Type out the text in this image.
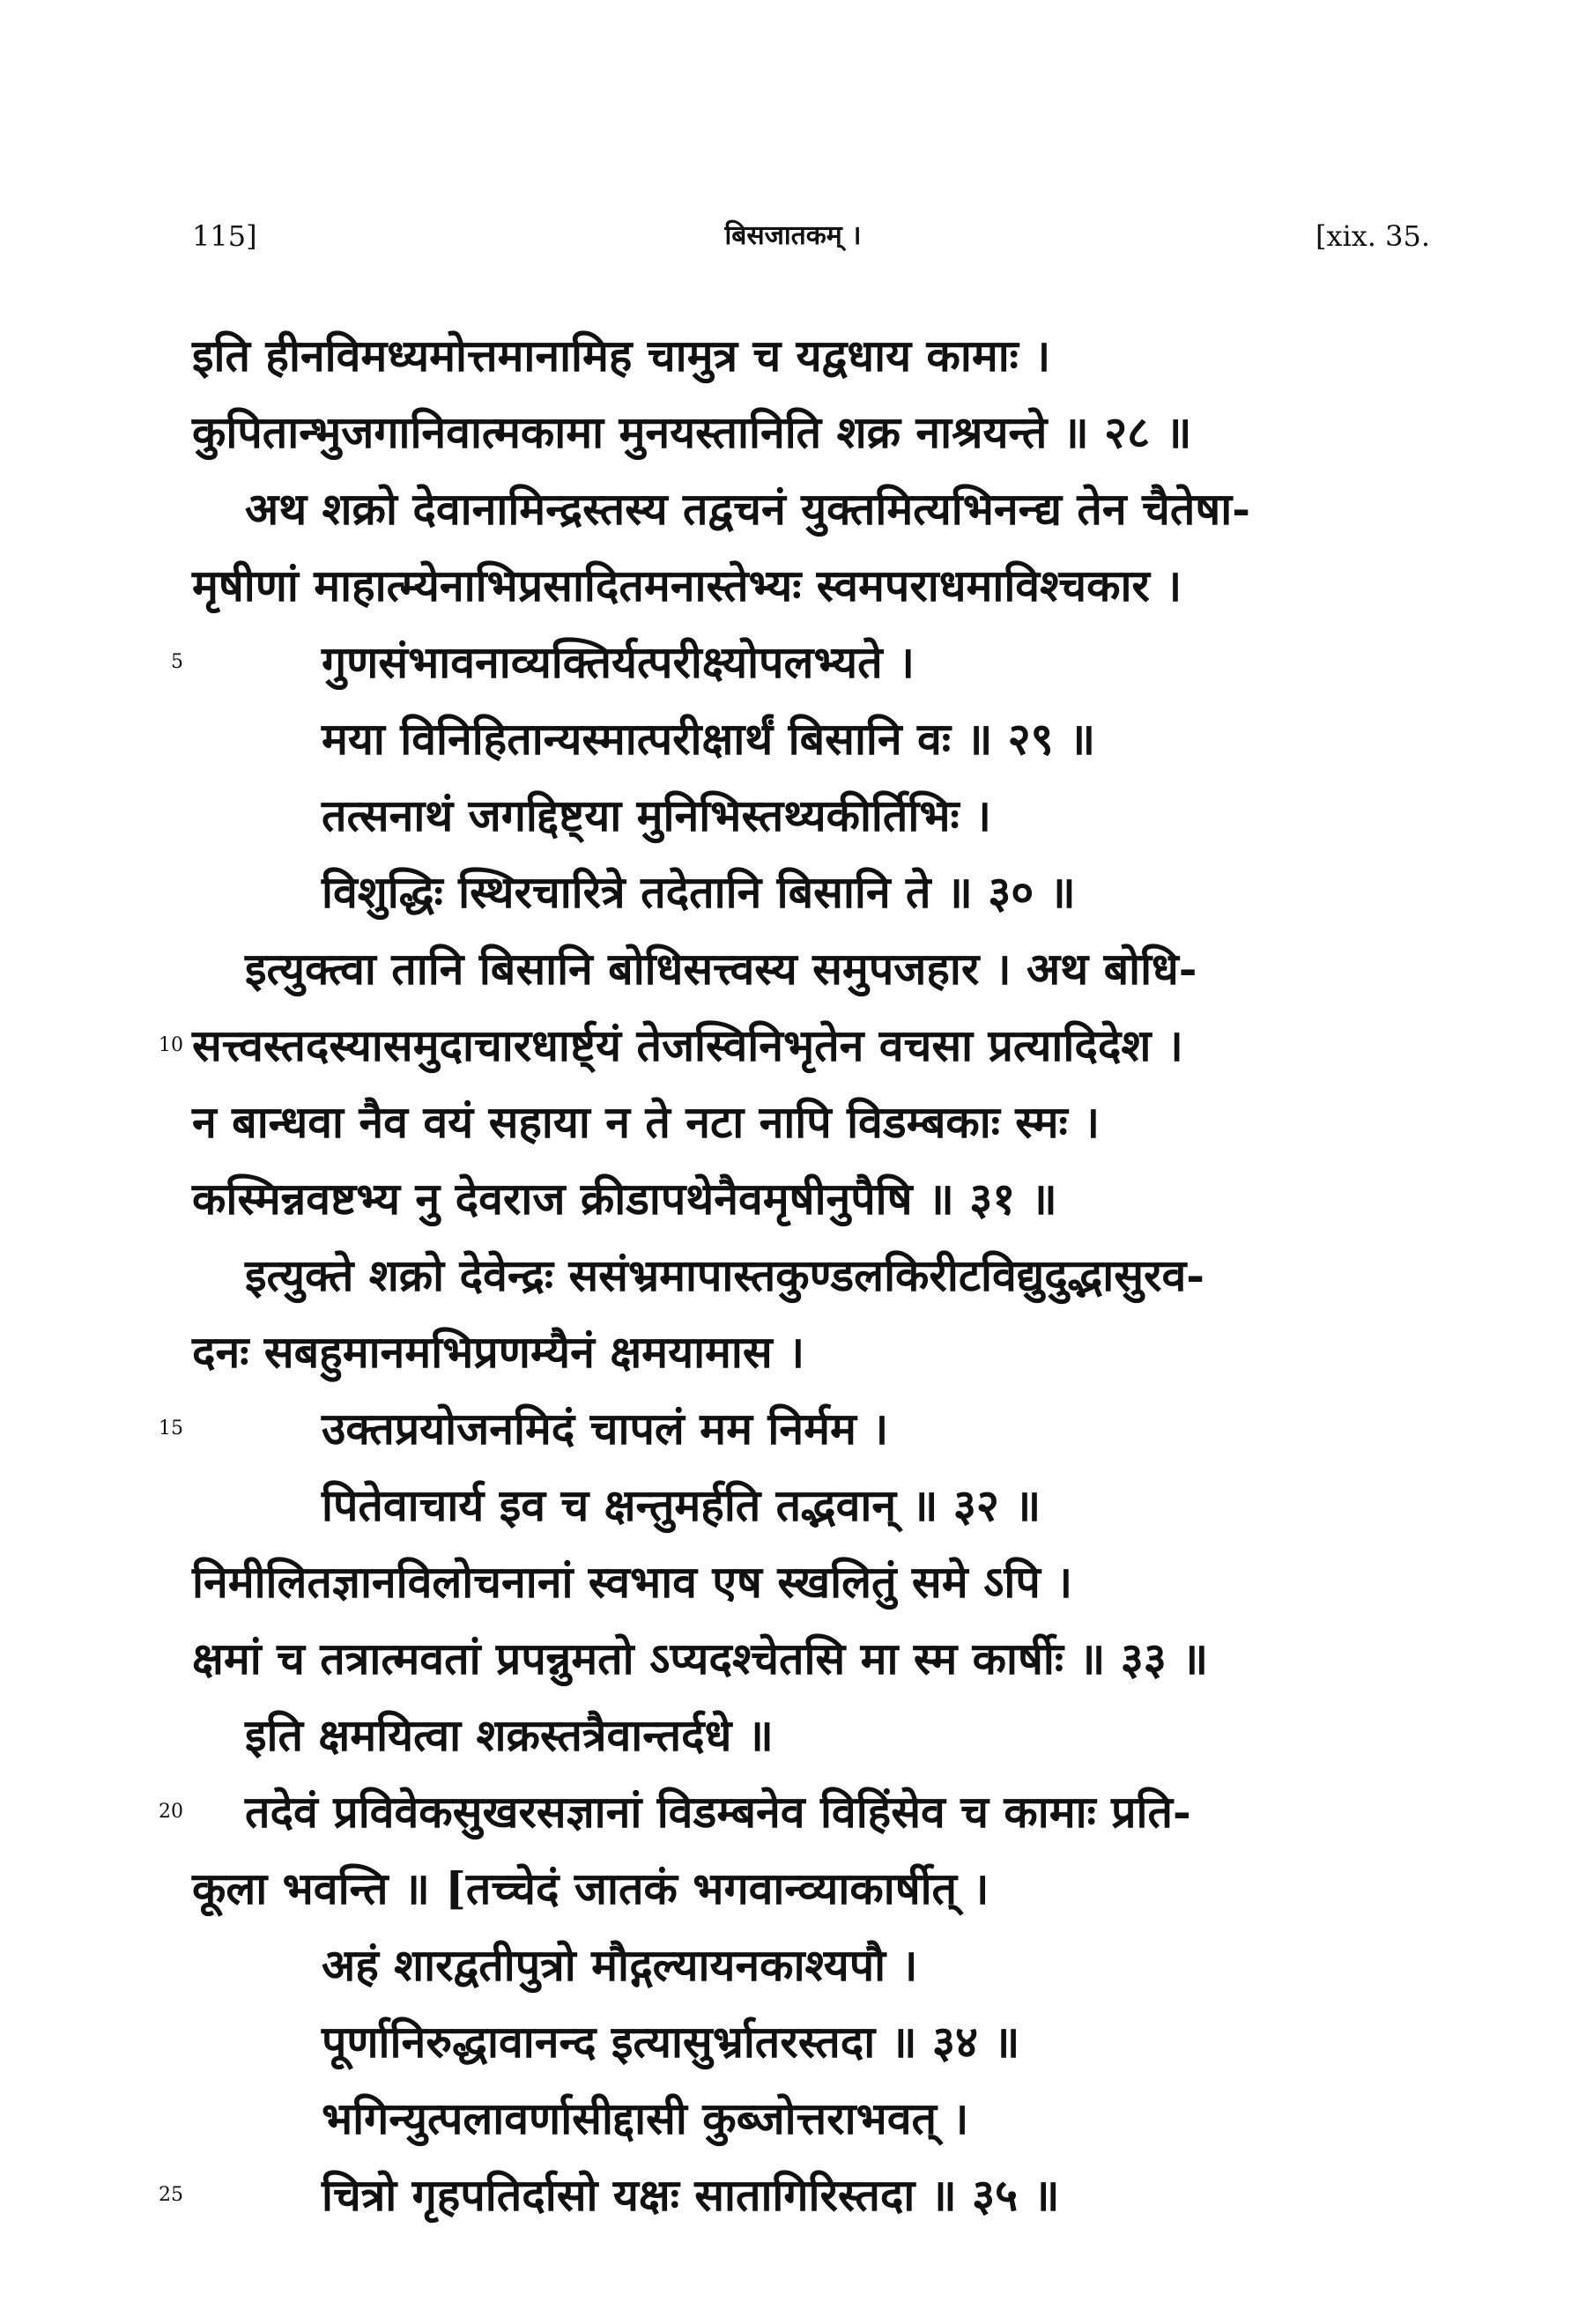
115]	बिसजातकम् ।	[xix. 35.
इति हीनविमध्यमोत्तमानामिह चामुत्र च यद्वधाय कामाः ।
कुपितान्भुजगानिवात्मकामा मुनयस्तानिति शक्र नाश्रयन्ते ॥ २८ ॥
अथ शक्रो देवानामिन्द्रस्तस्य तद्वचनं युक्तमित्यभिनन्द्य तेन चैतेषा-
मृषीणां माहात्म्येनाभिप्रसादितमनास्तेभ्यः स्वमपराधमाविश्चकार ।
5	गुणसंभावनाव्यक्तिर्यत्परीक्ष्योपलभ्यते ।
मया विनिहितान्यस्मात्परीक्षार्थं बिसानि वः ॥ २९ ॥
तत्सनाथं जगद्दिष्ट्या मुनिभिस्तथ्यकीर्तिभिः ।
विशुद्धिः स्थिरचारित्रे तदेतानि बिसानि ते ॥ ३० ॥
इत्युक्त्वा तानि बिसानि बोधिसत्त्वस्य समुपजहार । अथ बोधि-
10 सत्त्वस्तदस्यासमुदाचारधार्ष्ट्यं तेजस्विनिभृतेन वचसा प्रत्यादिदेश ।
न बान्धवा नैव वयं सहाया न ते नटा नापि विडम्बकाः स्मः ।
कस्मिन्नवष्टभ्य नु देवराज क्रीडापथेनैवमृषीनुपैषि ॥ ३१ ॥
इत्युक्ते शक्रो देवेन्द्रः ससंभ्रमापास्तकुण्डलकिरीटविद्युदुद्भासुरव-
दनः सबहुमानमभिप्रणम्यैनं क्षमयामास ।
15	उक्तप्रयोजनमिदं चापलं मम निर्मम ।
पितेवाचार्य इव च क्षन्तुमर्हति तद्भवान् ॥ ३२ ॥
निमीलितज्ञानविलोचनानां स्वभाव एष स्खलितुं समे ऽपि ।
क्षमां च तत्रात्मवतां प्रपन्नुमतो ऽप्यदश्चेतसि मा स्म कार्षीः ॥ ३३ ॥
इति क्षमयित्वा शक्रस्तत्रैवान्तर्दधे ॥
20 तदेवं प्रविवेकसुखरसज्ञानां विडम्बनेव विहिंसेव च कामाः प्रति-
कूला भवन्ति ॥ [तच्चेदं जातकं भगवान्व्याकार्षीत् ।
अहं शारद्वतीपुत्रो मौद्गल्यायनकाश्यपौ ।
पूर्णानिरुद्धावानन्द इत्यासुर्भ्रातरस्तदा ॥ ३४ ॥
भगिन्युत्पलावर्णासीद्दासी कुब्जोत्तराभवत् ।
25	चित्रो गृहपतिर्दासो यक्षः सातागिरिस्तदा ॥ ३५ ॥
